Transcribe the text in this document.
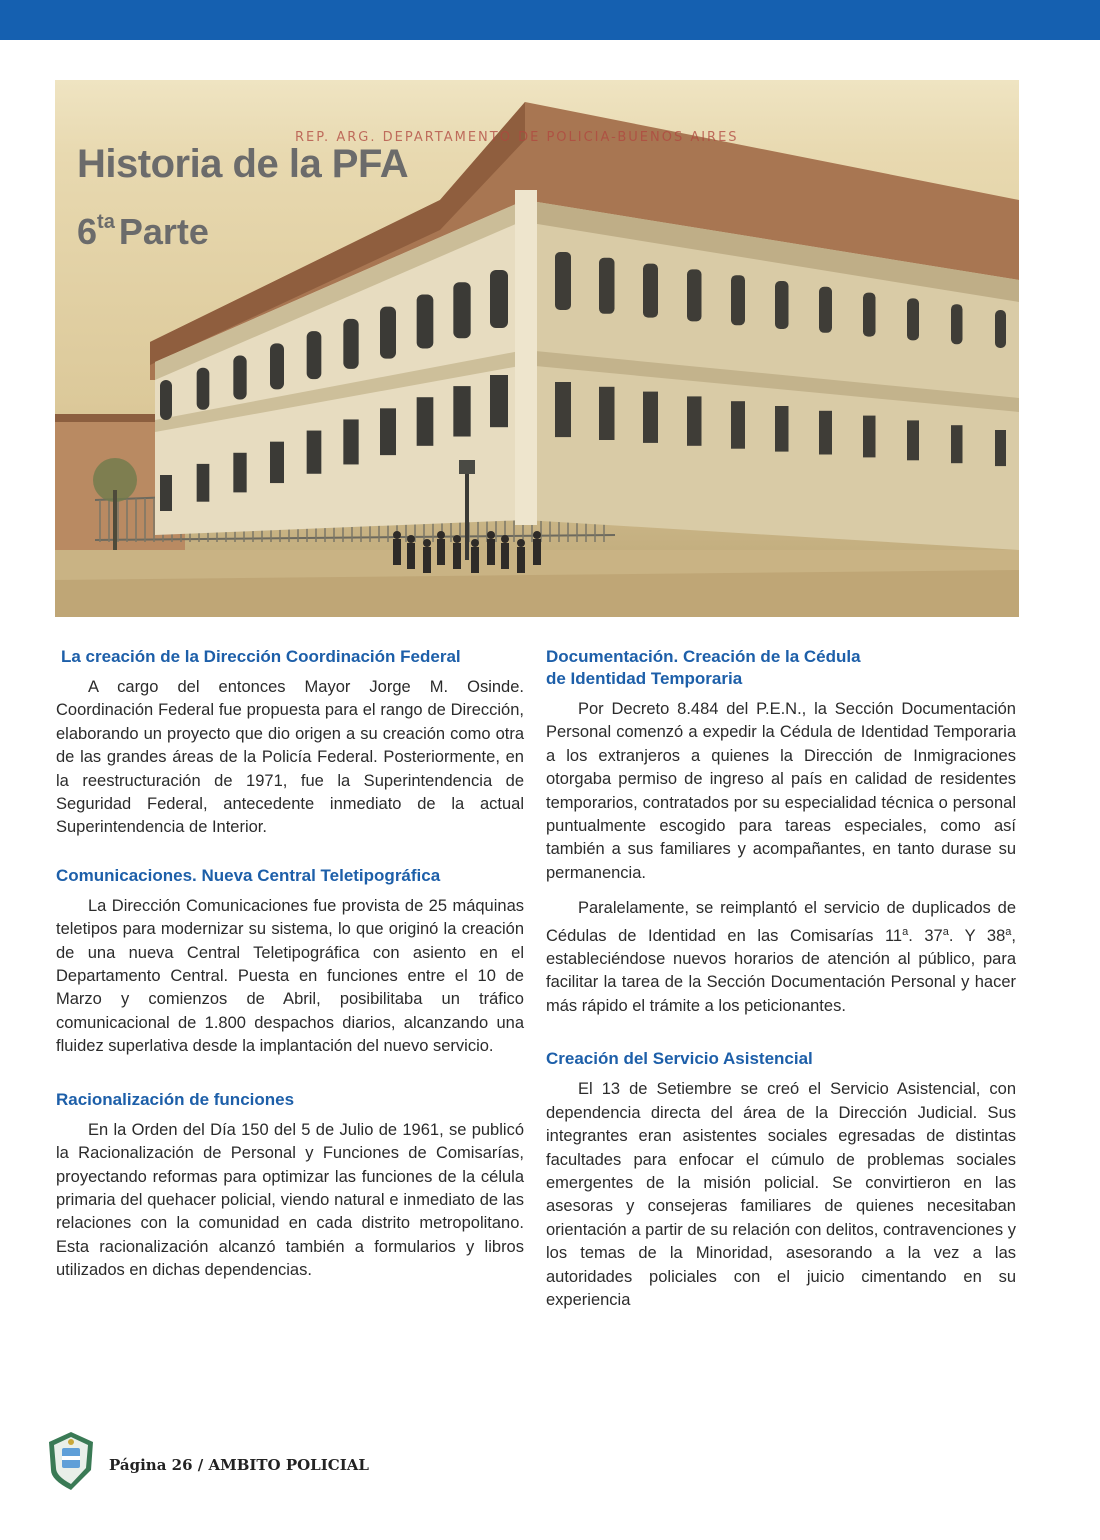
REP. ARG. DEPARTAMENTO DE POLICIA-BUENOS AIRES
Historia de la PFA
$6^{ta}$ Parte
La creación de la Dirección Coordinación Federal

A cargo del entonces Mayor Jorge M. Osinde. Coordinación Federal fue propuesta para el rango de Dirección, elaborando un proyecto que dio origen a su creación como otra de las grandes áreas de la Policía Federal. Posteriormente, en la reestructuración de 1971, fue la Superintendencia de Seguridad Federal, antecedente inmediato de la actual Superintendencia de Interior.

Comunicaciones. Nueva Central Teletipográfica

La Dirección Comunicaciones fue provista de 25 máquinas teletipos para modernizar su sistema, lo que originó la creación de una nueva Central Teletipográfica con asiento en el Departamento Central. Puesta en funciones entre el 10 de Marzo y comienzos de Abril, posibilitaba un tráfico comunicacional de 1.800 despachos diarios, alcanzando una fluidez superlativa desde la implantación del nuevo servicio.

Racionalización de funciones

En la Orden del Día 150 del 5 de Julio de 1961, se publicó la Racionalización de Personal y Funciones de Comisarías, proyectando reformas para optimizar las funciones de la célula primaria del quehacer policial, viendo natural e inmediato de las relaciones con la comunidad en cada distrito metropolitano. Esta racionalización alcanzó también a formularios y libros utilizados en dichas dependencias.

Documentación. Creación de la Cédula
de Identidad Temporaria

Por Decreto 8.484 del P.E.N., la Sección Documentación Personal comenzó a expedir la Cédula de Identidad Temporaria a los extranjeros a quienes la Dirección de Inmigraciones otorgaba permiso de ingreso al país en calidad de residentes temporarios, contratados por su especialidad técnica o personal puntualmente escogido para tareas especiales, como así también a sus familiares y acompañantes, en tanto durase su permanencia.

Paralelamente, se reimplantó el servicio de duplicados de Cédulas de Identidad en las Comisarías 11$^a$. 37$^a$. Y 38$^a$, estableciéndose nuevos horarios de atención al público, para facilitar la tarea de la Sección Documentación Personal y hacer más rápido el trámite a los peticionantes.

Creación del Servicio Asistencial

El 13 de Setiembre se creó el Servicio Asistencial, con dependencia directa del área de la Dirección Judicial. Sus integrantes eran asistentes sociales egresadas de distintas facultades para enfocar el cúmulo de problemas sociales emergentes de la misión policial. Se convirtieron en las asesoras y consejeras familiares de quienes necesitaban orientación a partir de su relación con delitos, contravenciones y los temas de la Minoridad, asesorando a la vez a las autoridades policiales con el juicio cimentando en su experiencia

Página 26 / AMBITO POLICIAL
